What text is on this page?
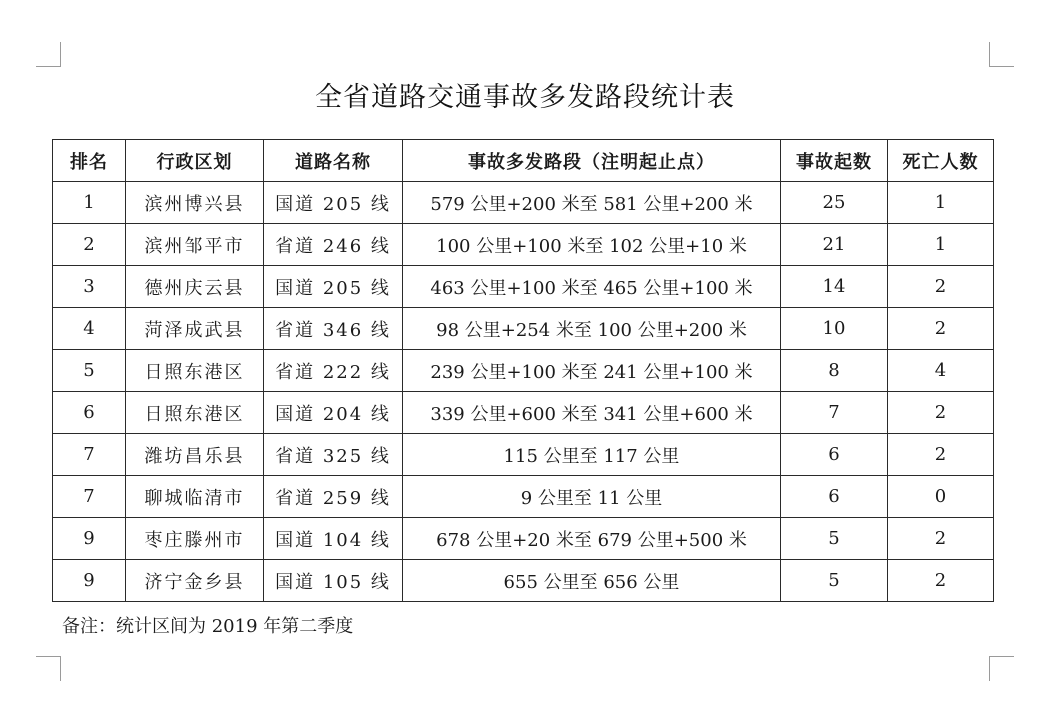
全省道路交通事故多发路段统计表
排名	行政区划	道路名称	事故多发路段（注明起止点）	事故起数	死亡人数
1	滨州博兴县	国道 205 线	579 公里+200 米至 581 公里+200 米	25	1
2	滨州邹平市	省道 246 线	100 公里+100 米至 102 公里+10 米	21	1
3	德州庆云县	国道 205 线	463 公里+100 米至 465 公里+100 米	14	2
4	菏泽成武县	省道 346 线	98 公里+254 米至 100 公里+200 米	10	2
5	日照东港区	省道 222 线	239 公里+100 米至 241 公里+100 米	8	4
6	日照东港区	国道 204 线	339 公里+600 米至 341 公里+600 米	7	2
7	潍坊昌乐县	省道 325 线	115 公里至 117 公里	6	2
7	聊城临清市	省道 259 线	9 公里至 11 公里	6	0
9	枣庄滕州市	国道 104 线	678 公里+20 米至 679 公里+500 米	5	2
9	济宁金乡县	国道 105 线	655 公里至 656 公里	5	2
备注：统计区间为 2019 年第二季度
